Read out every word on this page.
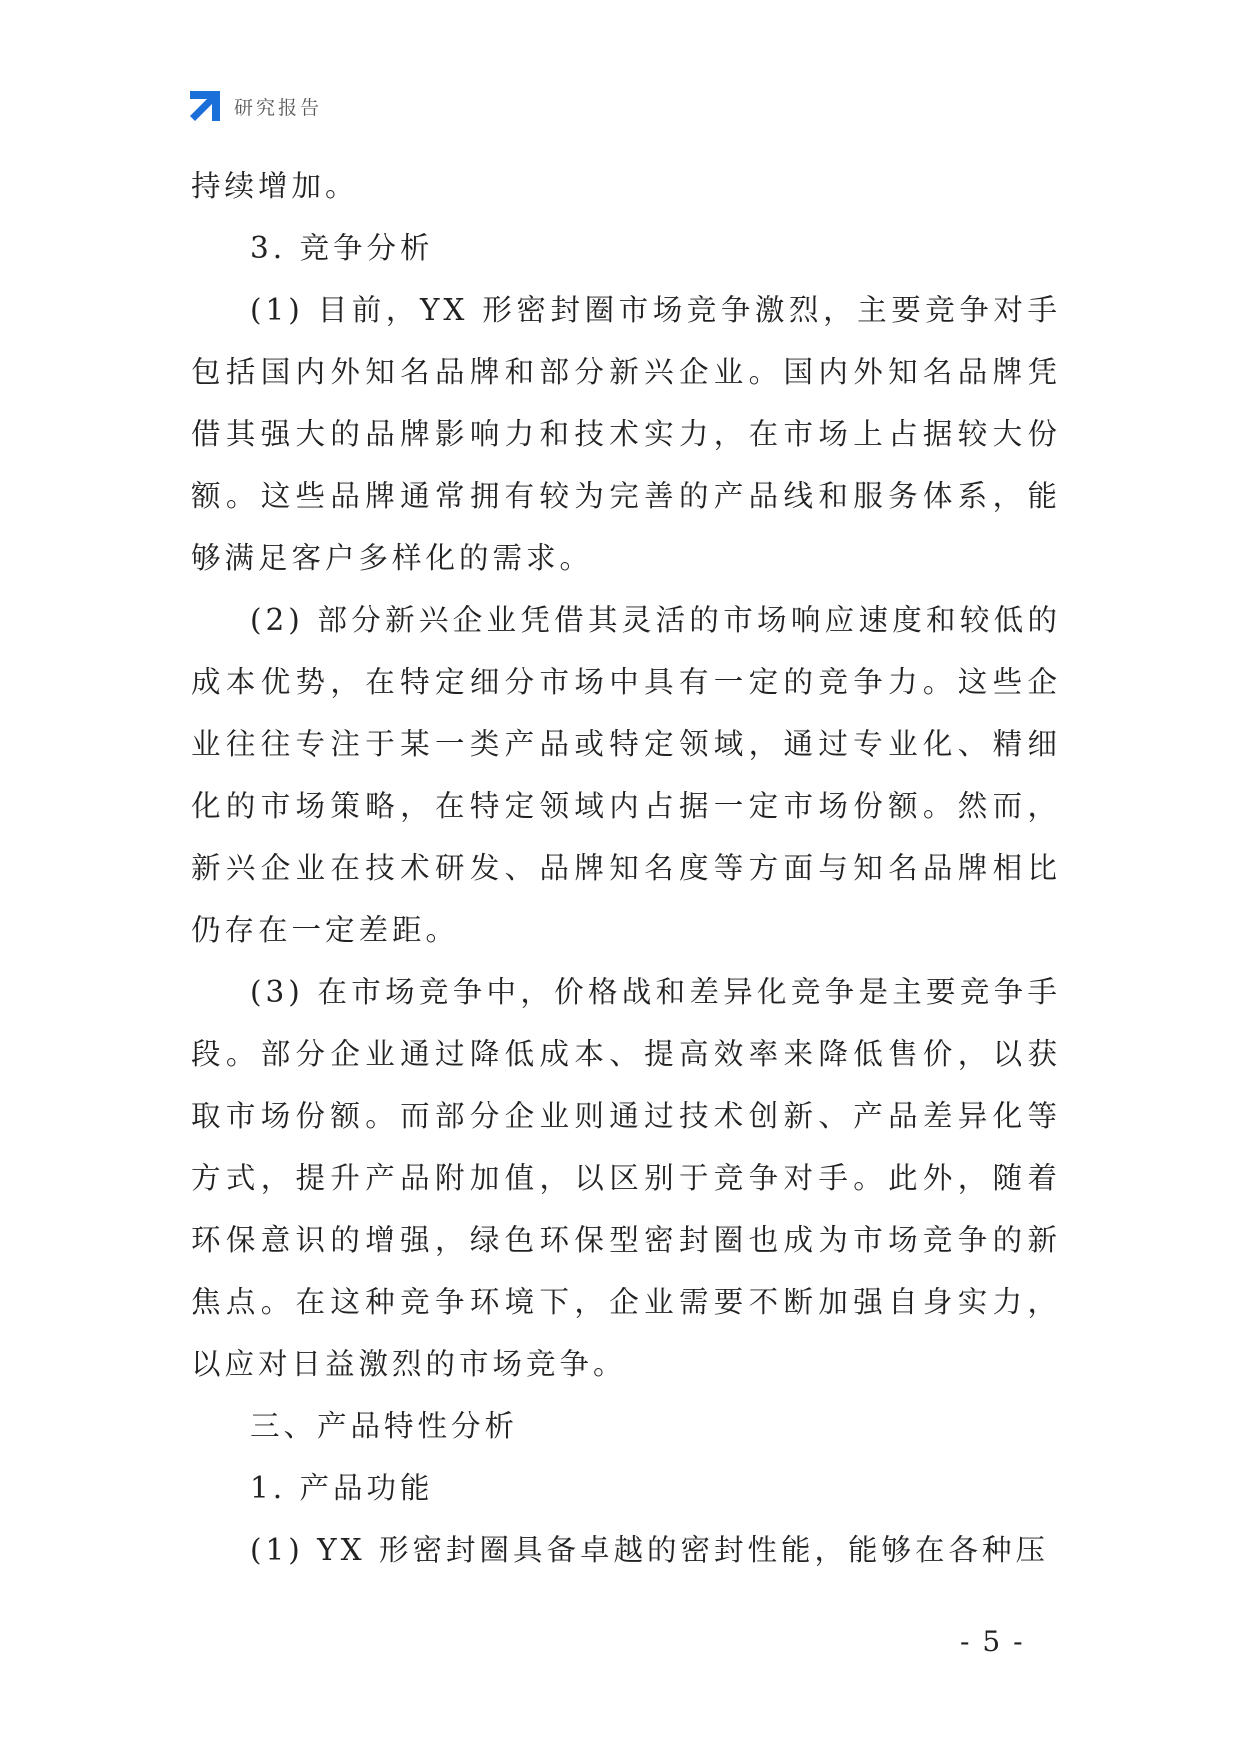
研究报告

持续增加。

3. 竞争分析

(1) 目前，YX 形密封圈市场竞争激烈，主要竞争对手包括国内外知名品牌和部分新兴企业。国内外知名品牌凭借其强大的品牌影响力和技术实力，在市场上占据较大份额。这些品牌通常拥有较为完善的产品线和服务体系，能够满足客户多样化的需求。

(2) 部分新兴企业凭借其灵活的市场响应速度和较低的成本优势，在特定细分市场中具有一定的竞争力。这些企业往往专注于某一类产品或特定领域，通过专业化、精细化的市场策略，在特定领域内占据一定市场份额。然而，新兴企业在技术研发、品牌知名度等方面与知名品牌相比仍存在一定差距。

(3) 在市场竞争中，价格战和差异化竞争是主要竞争手段。部分企业通过降低成本、提高效率来降低售价，以获取市场份额。而部分企业则通过技术创新、产品差异化等方式，提升产品附加值，以区别于竞争对手。此外，随着环保意识的增强，绿色环保型密封圈也成为市场竞争的新焦点。在这种竞争环境下，企业需要不断加强自身实力，以应对日益激烈的市场竞争。

三、产品特性分析

1. 产品功能

(1) YX 形密封圈具备卓越的密封性能，能够在各种压

- 5 -
